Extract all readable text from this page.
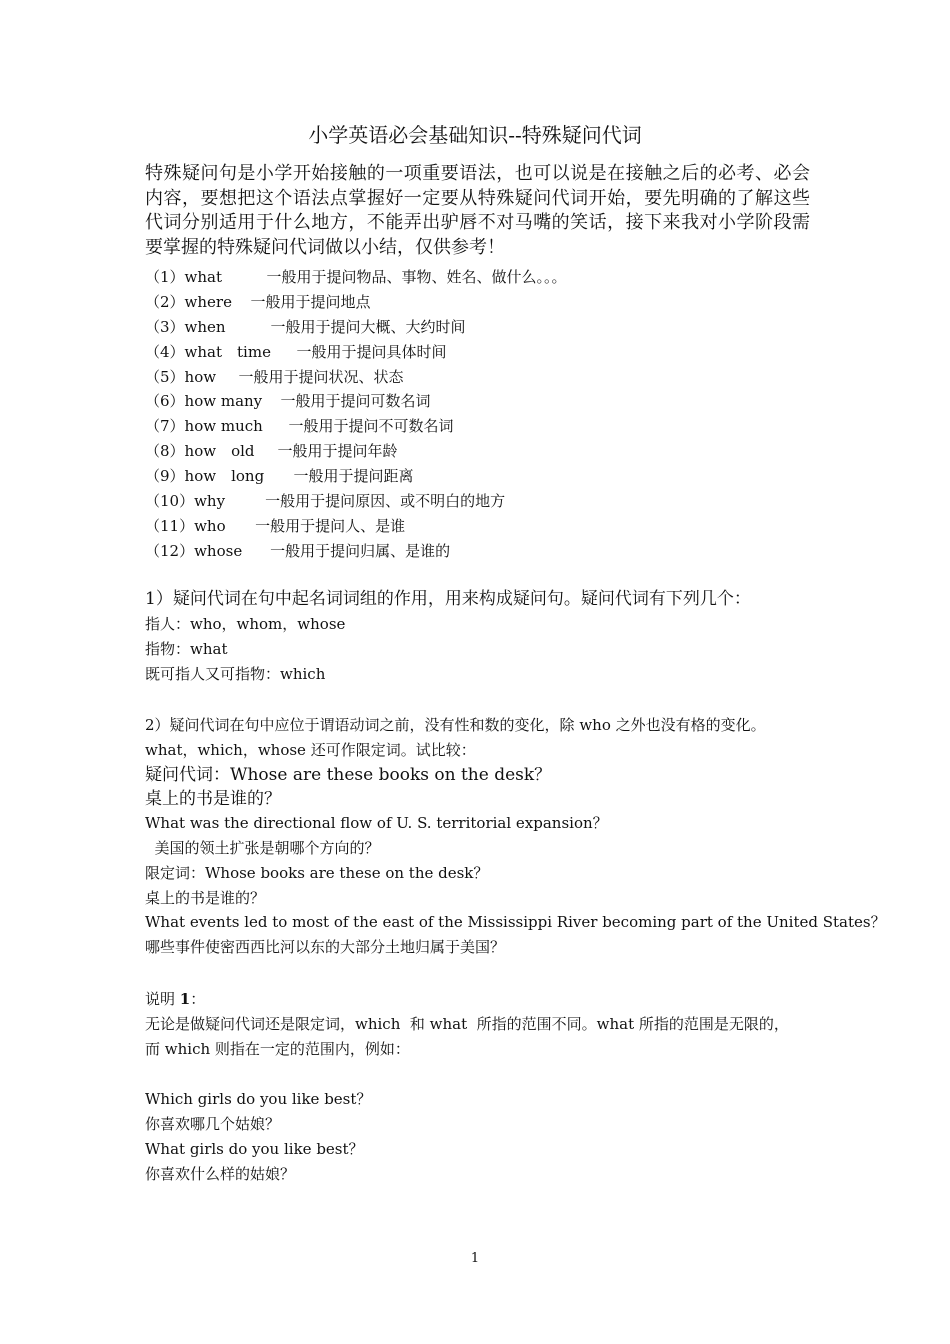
小学英语必会基础知识--特殊疑问代词
特殊疑问句是小学开始接触的一项重要语法，也可以说是在接触之后的必考、必会内容，要想把这个语法点掌握好一定要从特殊疑问代词开始，要先明确的了解这些代词分别适用于什么地方，不能弄出驴唇不对马嘴的笑话，接下来我对小学阶段需要掌握的特殊疑问代词做以小结，仅供参考！
（1）what	一般用于提问物品、事物、姓名、做什么。。。
（2）where 一般用于提问地点
（3）when	一般用于提问大概、大约时间
（4）what　time 一般用于提问具体时间
（5）how 一般用于提问状况、状态
（6）how many 一般用于提问可数名词
（7）how much 一般用于提问不可数名词
（8）how　old 一般用于提问年龄
（9）how　long 一般用于提问距离
（10）why	一般用于提问原因、或不明白的地方
（11）who 一般用于提问人、是谁
（12）whose 一般用于提问归属、是谁的
1）疑问代词在句中起名词词组的作用，用来构成疑问句。疑问代词有下列几个：
指人：who，whom，whose
指物：what
既可指人又可指物：which
2）疑问代词在句中应位于谓语动词之前，没有性和数的变化，除 who 之外也没有格的变化。
what，which，whose 还可作限定词。试比较：
疑问代词：Whose are these books on the desk？
桌上的书是谁的？
What was the directional flow of U. S. territorial expansion？
美国的领土扩张是朝哪个方向的？
限定词：Whose books are these on the desk？
桌上的书是谁的？
What events led to most of the east of the Mississippi River becoming part of the United States？
哪些事件使密西西比河以东的大部分土地归属于美国？
说明 1：
无论是做疑问代词还是限定词，which  和 what  所指的范围不同。what 所指的范围是无限的，
而 which 则指在一定的范围内，例如：
Which girls do you like best？
你喜欢哪几个姑娘？
What girls do you like best？
你喜欢什么样的姑娘？
1
